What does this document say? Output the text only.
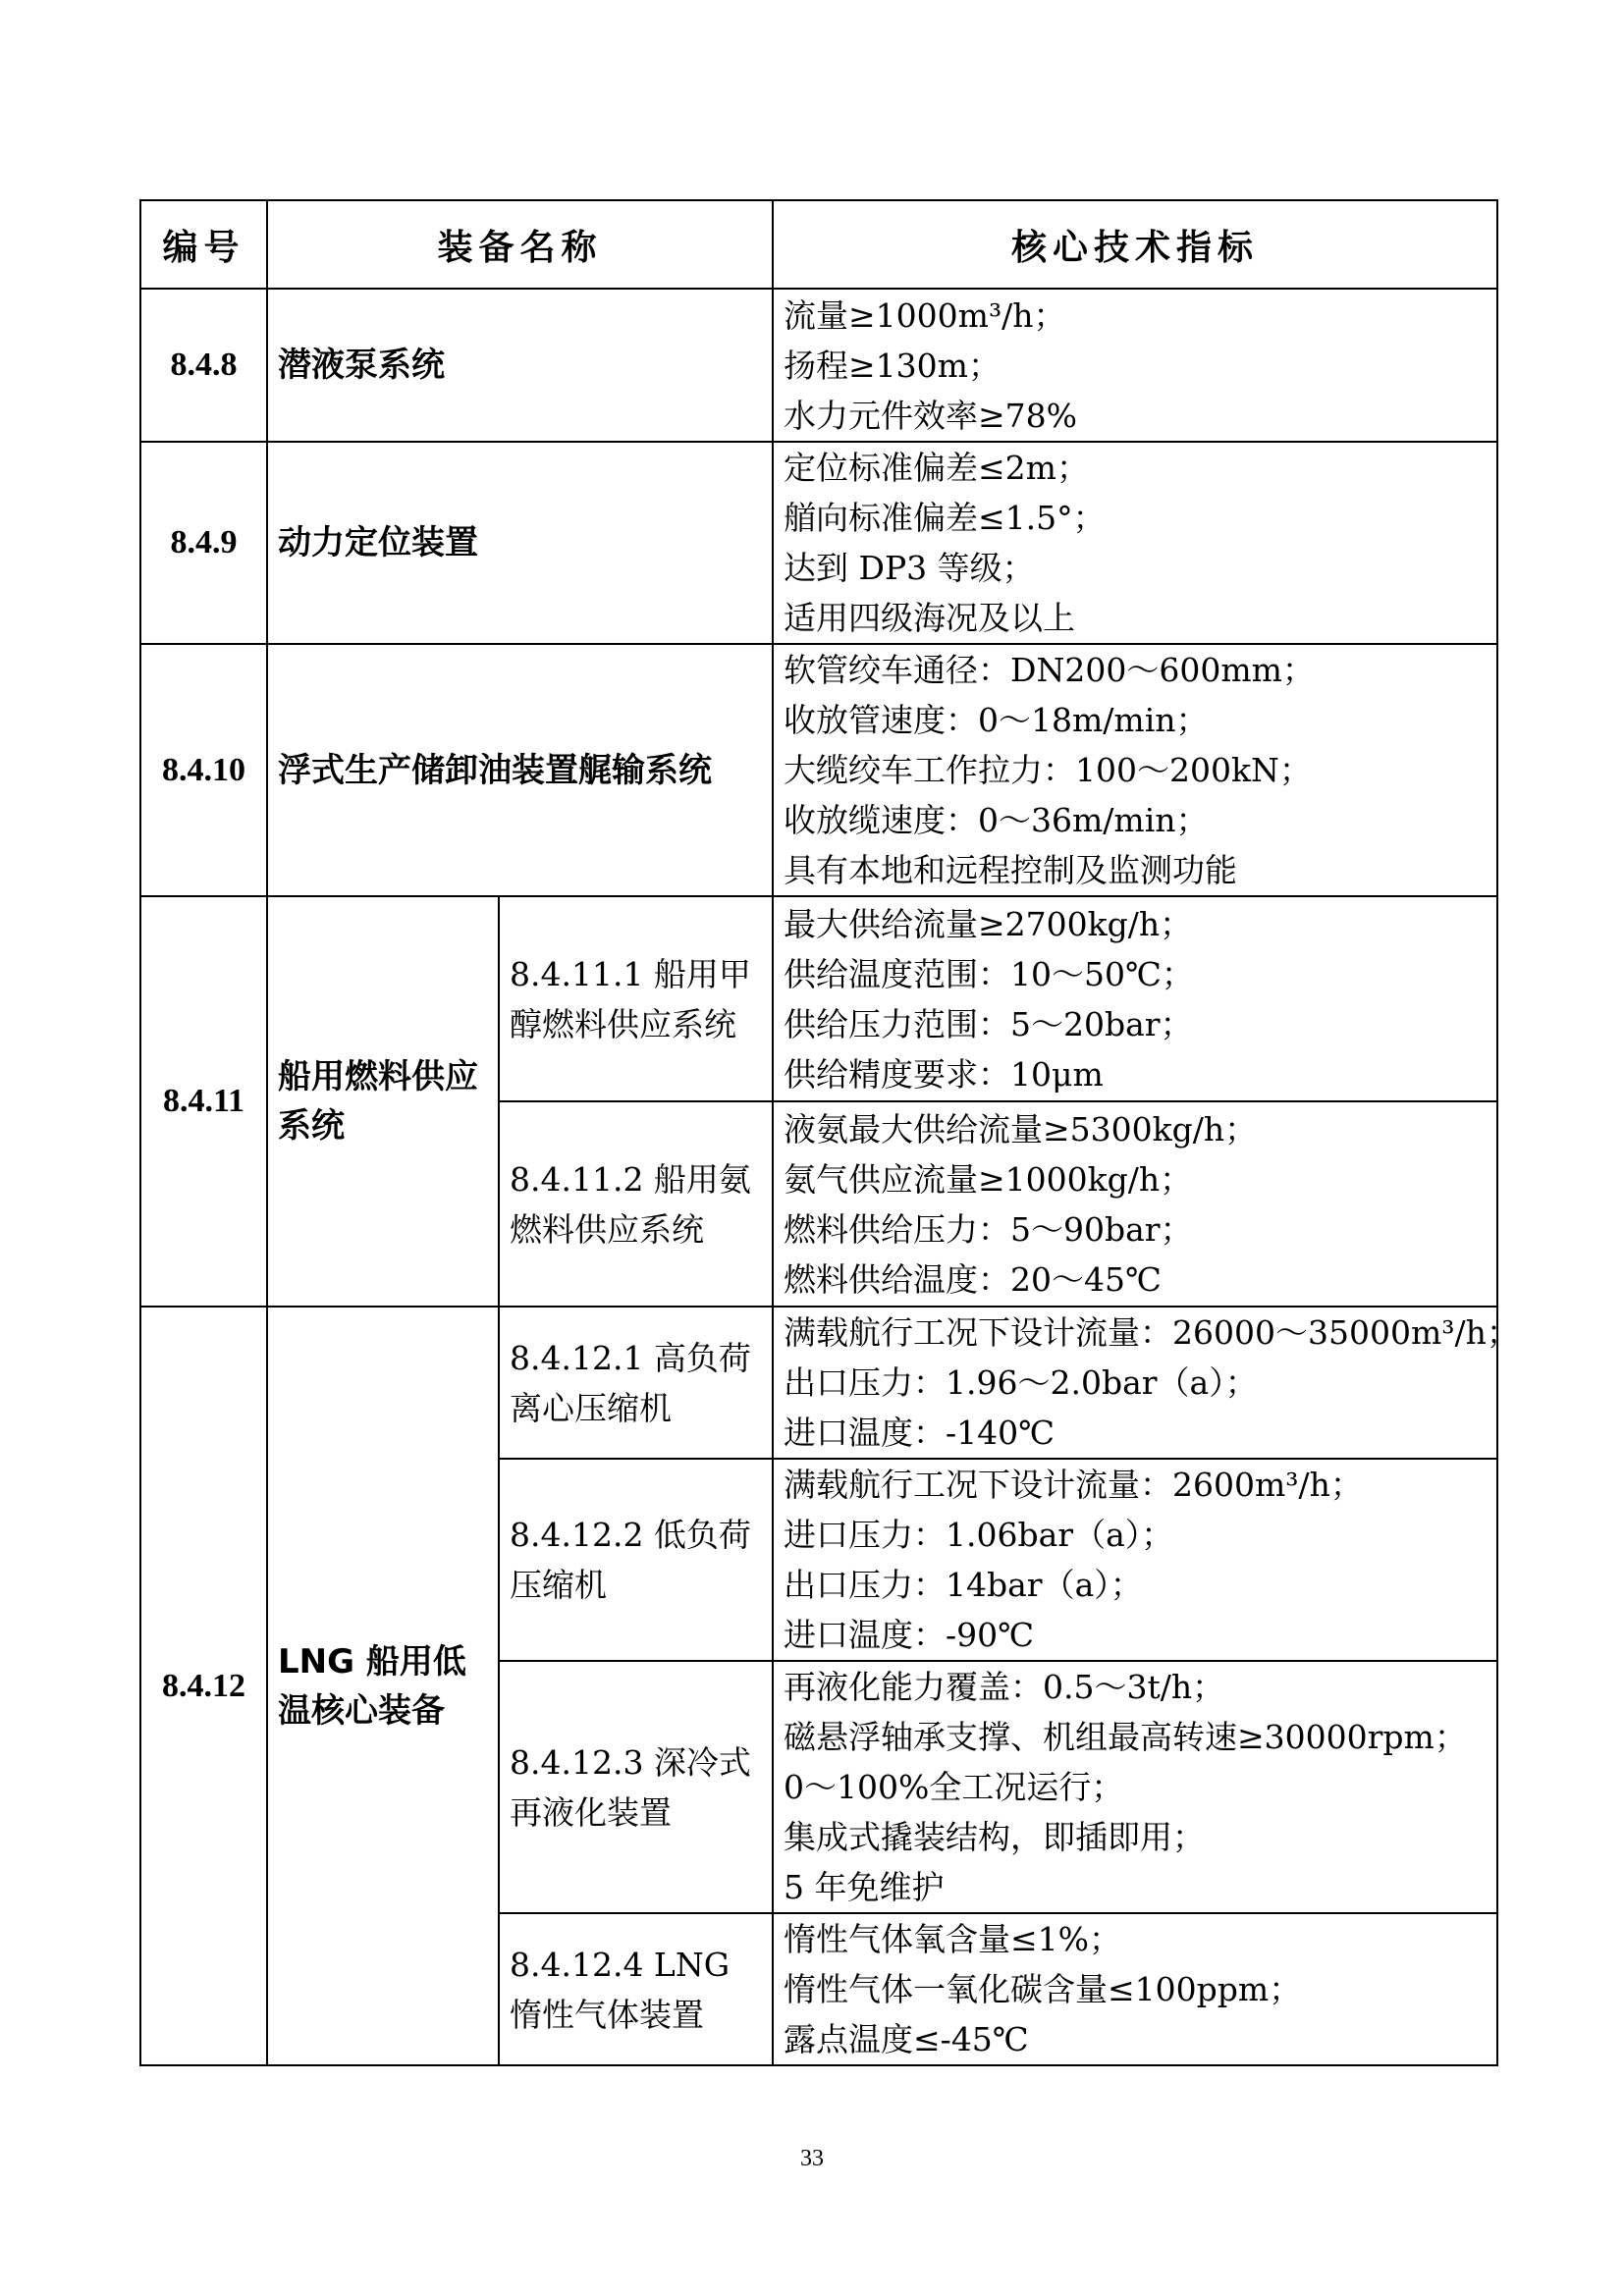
编号	装备名称		核心技术指标
8.4.8	潜液泵系统		流量≥1000m³/h；
扬程≥130m；
水力元件效率≥78%

8.4.9	动力定位装置		定位标准偏差≤2m；
艏向标准偏差≤1.5°；
达到 DP3 等级；
适用四级海况及以上

8.4.10	浮式生产储卸油装置艉输系统		软管绞车通径：DN200～600mm；
收放管速度：0～18m/min；
大缆绞车工作拉力：100～200kN；
收放缆速度：0～36m/min；
具有本地和远程控制及监测功能

8.4.11	船用燃料供应系统	8.4.11.1 船用甲醇燃料供应系统	最大供给流量≥2700kg/h；
供给温度范围：10～50℃；
供给压力范围：5～20bar；
供给精度要求：10μm

		8.4.11.2 船用氨燃料供应系统	液氨最大供给流量≥5300kg/h；
氨气供应流量≥1000kg/h；
燃料供给压力：5～90bar；
燃料供给温度：20～45℃

8.4.12	LNG 船用低温核心装备	8.4.12.1 高负荷离心压缩机	满载航行工况下设计流量：26000～35000m³/h；
出口压力：1.96～2.0bar（a）；
进口温度：-140℃

		8.4.12.2 低负荷压缩机	满载航行工况下设计流量：2600m³/h；
进口压力：1.06bar（a）；
出口压力：14bar（a）；
进口温度：-90℃

		8.4.12.3 深冷式再液化装置	再液化能力覆盖：0.5～3t/h；
磁悬浮轴承支撑、机组最高转速≥30000rpm；
0～100%全工况运行；
集成式撬装结构，即插即用；
5 年免维护

		8.4.12.4 LNG 惰性气体装置	惰性气体氧含量≤1%；
惰性气体一氧化碳含量≤100ppm；
露点温度≤-45℃
33
